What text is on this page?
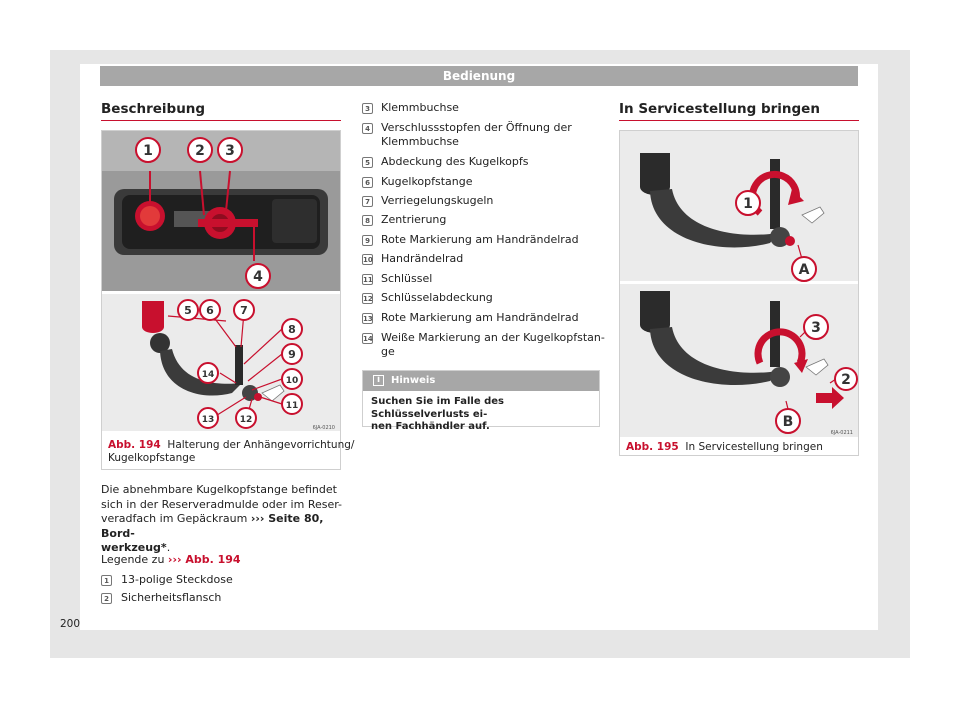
Bedienung
Beschreibung
1	2 3
4
5 6 7
8
9
10
11
12
13
14
6JA-0210
Abb. 194 Halterung der Anhängevorrichtung/
Kugelkopfstange
Die abnehmbare Kugelkopfstange befindet
sich in der Reserveradmulde oder im Reser-
veradfach im Gepäckraum ››› Seite 80, Bord-
werkzeug*.
Legende zu ››› Abb. 194
1 13-polige Steckdose
2 Sicherheitsflansch
200
3 Klemmbuchse
4 Verschlussstopfen der Öffnung der
Klemmbuchse
5 Abdeckung des Kugelkopfs
6 Kugelkopfstange
7 Verriegelungskugeln
8 Zentrierung
9 Rote Markierung am Handrändelrad
10 Handrändelrad
11 Schlüssel
12 Schlüsselabdeckung
13 Rote Markierung am Handrändelrad
14 Weiße Markierung an der Kugelkopfstan-
ge
i	Hinweis
Suchen Sie im Falle des Schlüsselverlusts ei-
nen Fachhändler auf.
In Servicestellung bringen
1
A
3
2
B
6JA-0211
Abb. 195 In Servicestellung bringen
